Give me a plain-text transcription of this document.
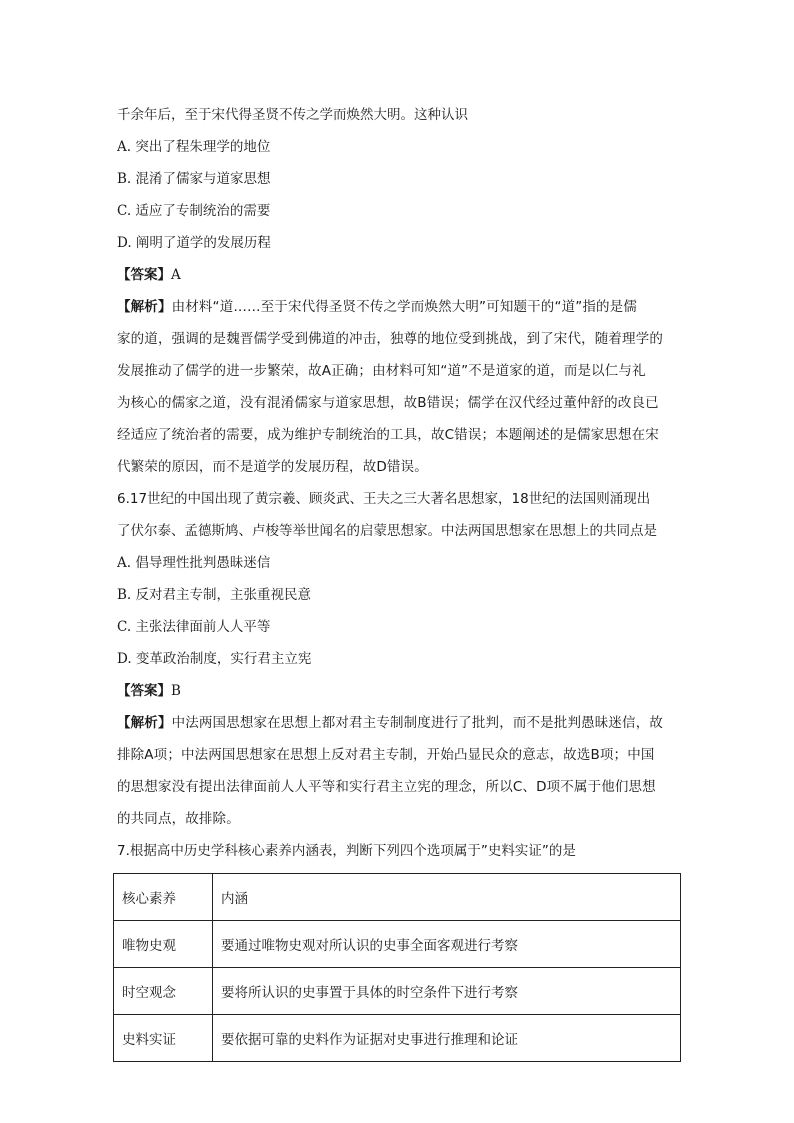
千余年后，至于宋代得圣贤不传之学而焕然大明。这种认识
A. 突出了程朱理学的地位
B. 混淆了儒家与道家思想
C. 适应了专制统治的需要
D. 阐明了道学的发展历程
【答案】A
【解析】由材料“道……至于宋代得圣贤不传之学而焕然大明”可知题干的“道”指的是儒
家的道，强调的是魏晋儒学受到佛道的冲击，独尊的地位受到挑战，到了宋代，随着理学的
发展推动了儒学的进一步繁荣，故A正确；由材料可知“道”不是道家的道，而是以仁与礼
为核心的儒家之道，没有混淆儒家与道家思想，故B错误；儒学在汉代经过董仲舒的改良已
经适应了统治者的需要，成为维护专制统治的工具，故C错误；本题阐述的是儒家思想在宋
代繁荣的原因，而不是道学的发展历程，故D错误。
6.17世纪的中国出现了黄宗羲、顾炎武、王夫之三大著名思想家，18世纪的法国则涌现出
了伏尔泰、孟德斯鸠、卢梭等举世闻名的启蒙思想家。中法两国思想家在思想上的共同点是
A. 倡导理性批判愚昧迷信
B. 反对君主专制，主张重视民意
C. 主张法律面前人人平等
D. 变革政治制度，实行君主立宪
【答案】B
【解析】中法两国思想家在思想上都对君主专制制度进行了批判，而不是批判愚昧迷信，故
排除A项；中法两国思想家在思想上反对君主专制，开始凸显民众的意志，故选B项；中国
的思想家没有提出法律面前人人平等和实行君主立宪的理念，所以C、D项不属于他们思想
的共同点，故排除。
7.根据高中历史学科核心素养内涵表，判断下列四个选项属于”史料实证”的是
核心素养	内涵
唯物史观	要通过唯物史观对所认识的史事全面客观进行考察
时空观念	要将所认识的史事置于具体的时空条件下进行考察
史料实证	要依据可靠的史料作为证据对史事进行推理和论证
